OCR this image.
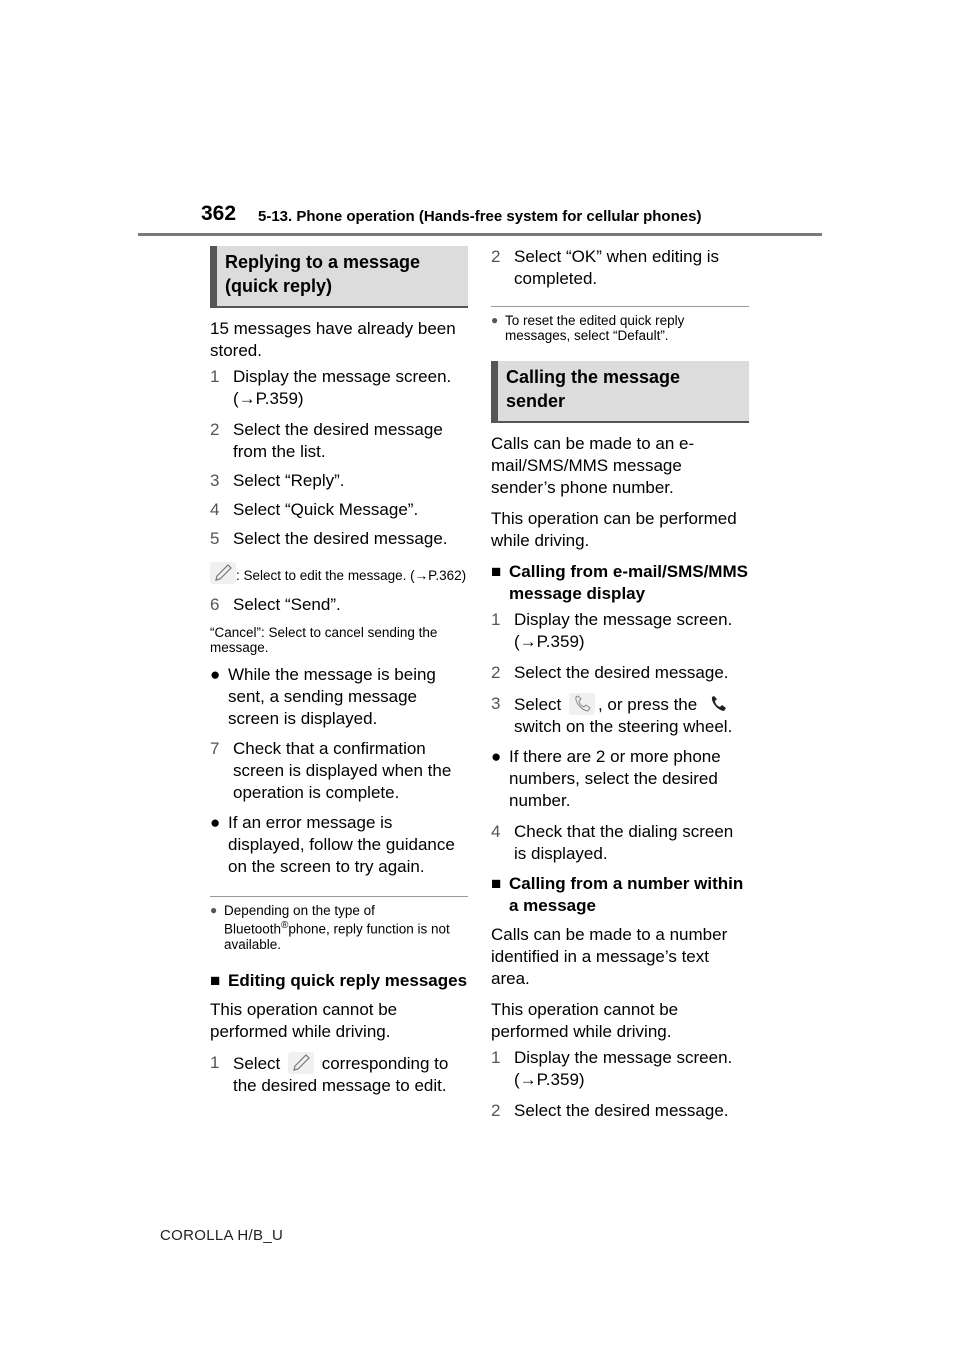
362 5-13. Phone operation (Hands-free system for cellular phones)
Replying to a message (quick reply)

15 messages have already been stored.

1 Display the message screen. (→P.359)
2 Select the desired message from the list.
3 Select “Reply”.
4 Select “Quick Message”.
5 Select the desired message.
: Select to edit the message. (→P.362)
6 Select “Send”.
“Cancel”: Select to cancel sending the message.
● While the message is being sent, a sending message screen is displayed.
7 Check that a confirmation screen is displayed when the operation is complete.
● If an error message is displayed, follow the guidance on the screen to try again.
● Depending on the type of Bluetooth®phone, reply function is not available.
■ Editing quick reply messages

This operation cannot be performed while driving.

1 Select corresponding to the desired message to edit.
2 Select “OK” when editing is completed.
● To reset the edited quick reply messages, select “Default”.
Calling the message sender

Calls can be made to an e-mail/SMS/MMS message sender’s phone number.

This operation can be performed while driving.

■ Calling from e-mail/SMS/MMS message display
1 Display the message screen. (→P.359)
2 Select the desired message.
3 Select , or press the
switch on the steering wheel.
● If there are 2 or more phone numbers, select the desired number.
4 Check that the dialing screen is displayed.
■ Calling from a number within a message

Calls can be made to a number identified in a message’s text area.

This operation cannot be performed while driving.

1 Display the message screen. (→P.359)
2 Select the desired message.
COROLLA H/B_U
